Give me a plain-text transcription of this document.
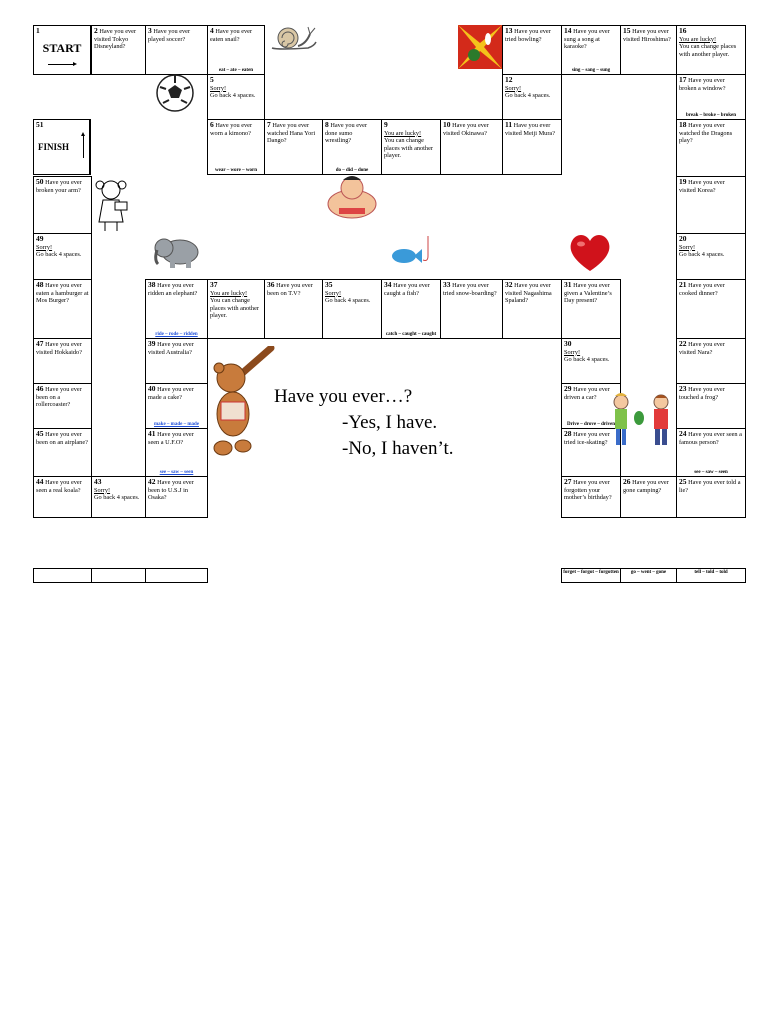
1
START
51
FINISH
2 Have you ever visited Tokyo Disneyland?
3 Have you ever played soccer?
4 Have you ever eaten snail?
eat – ate – eaten
5
Sorry!
Go back 4 spaces.
6 Have you ever worn a kimono?
wear – wore – worn
7 Have you ever watched Hana Yori Dango?
8 Have you ever done sumo wrestling?
do – did – done
9
You are lucky!
You can change places with another player.
10 Have you ever visited Okinawa?
11 Have you ever visited Meiji Mura?
12
Sorry!
Go back 4 spaces.
13 Have you ever tried bowling?
14 Have you ever sung a song at karaoke?
sing – sang – sung
15 Have you ever visited Hiroshima?
16
You are lucky!
You can change places with another player.
17 Have you ever broken a window?
break – broke – broken
18 Have you ever watched the Dragons play?
19 Have you ever visited Korea?
20
Sorry!
Go back 4 spaces.
21 Have you ever cooked dinner?
22 Have you ever visited Nara?
23 Have you ever touched a frog?
24 Have you ever seen a famous person?
see – saw – seen
25 Have you ever told a lie?
26 Have you ever gone camping?
27 Have you ever forgotten your mother’s birthday?
28 Have you ever tried ice-skating?
29 Have you ever driven a car?
Drive – drove – driven
30
Sorry!
Go back 4 spaces.
31 Have you ever given a Valentine’s Day present?
32 Have you ever visited Nagashima Spaland?
33 Have you ever tried snow-boarding?
34 Have you ever caught a fish?
catch – caught – caught
35
Sorry!
Go back 4 spaces.
36 Have you ever been on T.V?
37
You are lucky!
You can change places with another player.
38 Have you ever ridden an elephant?
ride – rode – ridden
39 Have you ever visited Australia?
40 Have you ever made a cake?
make – made – made
41 Have you ever seen a U.F.O?
see – saw – seen
42 Have you ever been to U.S.J in Osaka?
43
Sorry!
Go back 4 spaces.
44 Have you ever seen a real koala?
45 Have you ever been on an airplane?
46 Have you ever been on a rollercoaster?
47 Have you ever visited Hokkaido?
48 Have you ever eaten a hamburger at Mos Burger?
49
Sorry!
Go back 4 spaces.
50 Have you ever broken your arm?
Have you ever…?
-Yes, I have.
-No, I haven’t.
forget – forgot – forgotten	go – went – gone	tell – told – told
